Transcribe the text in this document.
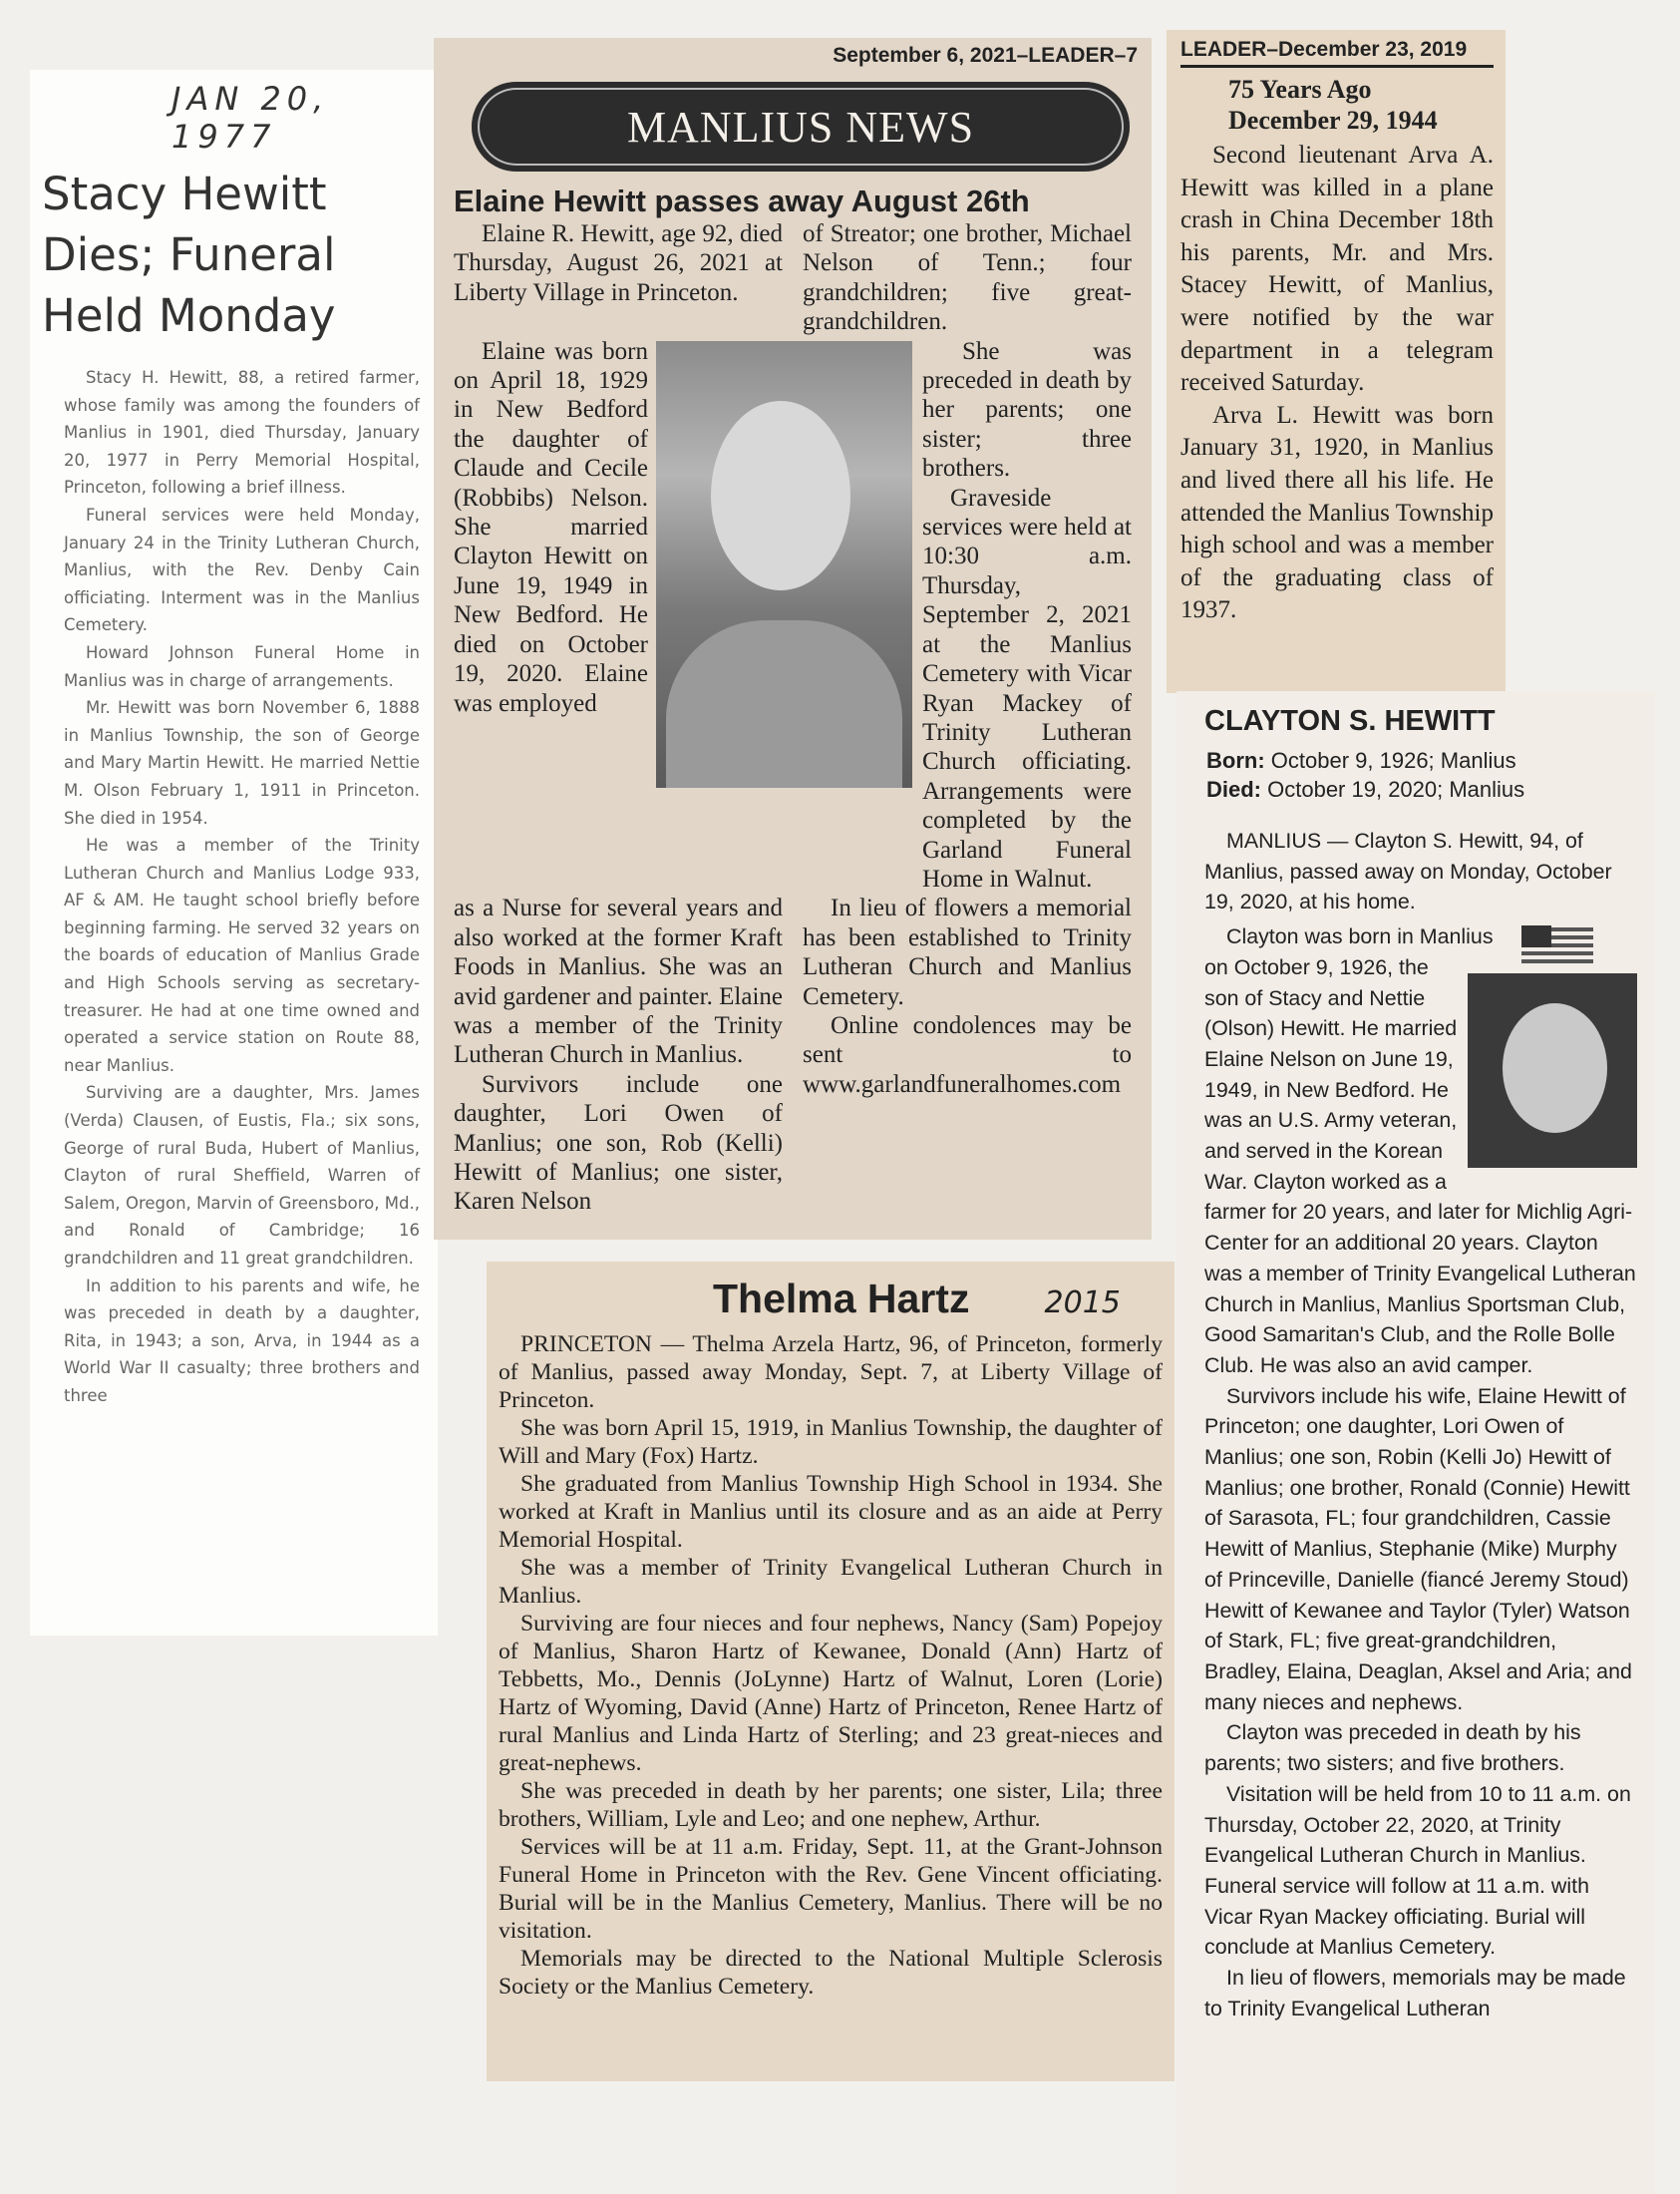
JAN 20, 1977
Stacy Hewitt
Dies; Funeral
Held Monday

Stacy H. Hewitt, 88, a retired farmer, whose family was among the founders of Manlius in 1901, died Thursday, January 20, 1977 in Perry Memorial Hospital, Princeton, following a brief illness.

Funeral services were held Monday, January 24 in the Trinity Lutheran Church, Manlius, with the Rev. Denby Cain officiating. Interment was in the Manlius Cemetery.

Howard Johnson Funeral Home in Manlius was in charge of arrangements.

Mr. Hewitt was born November 6, 1888 in Manlius Township, the son of George and Mary Martin Hewitt. He married Nettie M. Olson February 1, 1911 in Princeton. She died in 1954.

He was a member of the Trinity Lutheran Church and Manlius Lodge 933, AF & AM. He taught school briefly before beginning farming. He served 32 years on the boards of education of Manlius Grade and High Schools serving as secretary-treasurer. He had at one time owned and operated a service station on Route 88, near Manlius.

Surviving are a daughter, Mrs. James (Verda) Clausen, of Eustis, Fla.; six sons, George of rural Buda, Hubert of Manlius, Clayton of rural Sheffield, Warren of Salem, Oregon, Marvin of Greensboro, Md., and Ronald of Cambridge; 16 grandchildren and 11 great grandchildren.

In addition to his parents and wife, he was preceded in death by a daughter, Rita, in 1943; a son, Arva, in 1944 as a World War II casualty; three brothers and three

September 6, 2021–LEADER–7
MANLIUS NEWS
Elaine Hewitt passes away August 26th

Elaine R. Hewitt, age 92, died Thursday, August 26, 2021 at Liberty Village in Princeton.

of Streator; one brother, Michael Nelson of Tenn.; four grandchildren; five great-grandchildren.

Elaine was born on April 18, 1929 in New Bedford the daughter of Claude and Cecile (Robbibs) Nelson. She married Clayton Hewitt on June 19, 1949 in New Bedford. He died on October 19, 2020. Elaine was employed

She was preceded in death by her parents; one sister; three brothers.

Graveside services were held at 10:30 a.m. Thursday, September 2, 2021 at the Manlius Cemetery with Vicar Ryan Mackey of Trinity Lutheran Church officiating. Arrangements were completed by the Garland Funeral Home in Walnut.

as a Nurse for several years and also worked at the former Kraft Foods in Manlius. She was an avid gardener and painter. Elaine was a member of the Trinity Lutheran Church in Manlius.

Survivors include one daughter, Lori Owen of Manlius; one son, Rob (Kelli) Hewitt of Manlius; one sister, Karen Nelson

In lieu of flowers a memorial has been established to Trinity Lutheran Church and Manlius Cemetery.

Online condolences may be sent to www.garlandfuneralhomes.com

LEADER–December 23, 2019
75 Years Ago
December 29, 1944

Second lieutenant Arva A. Hewitt was killed in a plane crash in China December 18th his parents, Mr. and Mrs. Stacey Hewitt, of Manlius, were notified by the war department in a telegram received Saturday.

Arva L. Hewitt was born January 31, 1920, in Manlius and lived there all his life. He attended the Manlius Township high school and was a member of the graduating class of 1937.

CLAYTON S. HEWITT
Born: October 9, 1926; Manlius
Died: October 19, 2020; Manlius

MANLIUS — Clayton S. Hewitt, 94, of Manlius, passed away on Monday, October 19, 2020, at his home.

Clayton was born in Manlius on October 9, 1926, the son of Stacy and Nettie (Olson) Hewitt. He married Elaine Nelson on June 19, 1949, in New Bedford. He was an U.S. Army veteran, and served in the Korean War. Clayton worked as a farmer for 20 years, and later for Michlig Agri-Center for an additional 20 years. Clayton was a member of Trinity Evangelical Lutheran Church in Manlius, Manlius Sportsman Club, Good Samaritan's Club, and the Rolle Bolle Club. He was also an avid camper.

Survivors include his wife, Elaine Hewitt of Princeton; one daughter, Lori Owen of Manlius; one son, Robin (Kelli Jo) Hewitt of Manlius; one brother, Ronald (Connie) Hewitt of Sarasota, FL; four grandchildren, Cassie Hewitt of Manlius, Stephanie (Mike) Murphy of Princeville, Danielle (fiancé Jeremy Stoud) Hewitt of Kewanee and Taylor (Tyler) Watson of Stark, FL; five great-grandchildren, Bradley, Elaina, Deaglan, Aksel and Aria; and many nieces and nephews.

Clayton was preceded in death by his parents; two sisters; and five brothers.

Visitation will be held from 10 to 11 a.m. on Thursday, October 22, 2020, at Trinity Evangelical Lutheran Church in Manlius. Funeral service will follow at 11 a.m. with Vicar Ryan Mackey officiating. Burial will conclude at Manlius Cemetery.

In lieu of flowers, memorials may be made to Trinity Evangelical Lutheran

Thelma Hartz	2015

PRINCETON — Thelma Arzela Hartz, 96, of Princeton, formerly of Manlius, passed away Monday, Sept. 7, at Liberty Village of Princeton.

She was born April 15, 1919, in Manlius Township, the daughter of Will and Mary (Fox) Hartz.

She graduated from Manlius Township High School in 1934. She worked at Kraft in Manlius until its closure and as an aide at Perry Memorial Hospital.

She was a member of Trinity Evangelical Lutheran Church in Manlius.

Surviving are four nieces and four nephews, Nancy (Sam) Popejoy of Manlius, Sharon Hartz of Kewanee, Donald (Ann) Hartz of Tebbetts, Mo., Dennis (JoLynne) Hartz of Walnut, Loren (Lorie) Hartz of Wyoming, David (Anne) Hartz of Princeton, Renee Hartz of rural Manlius and Linda Hartz of Sterling; and 23 great-nieces and great-nephews.

She was preceded in death by her parents; one sister, Lila; three brothers, William, Lyle and Leo; and one nephew, Arthur.

Services will be at 11 a.m. Friday, Sept. 11, at the Grant-Johnson Funeral Home in Princeton with the Rev. Gene Vincent officiating. Burial will be in the Manlius Cemetery, Manlius. There will be no visitation.

Memorials may be directed to the National Multiple Sclerosis Society or the Manlius Cemetery.
